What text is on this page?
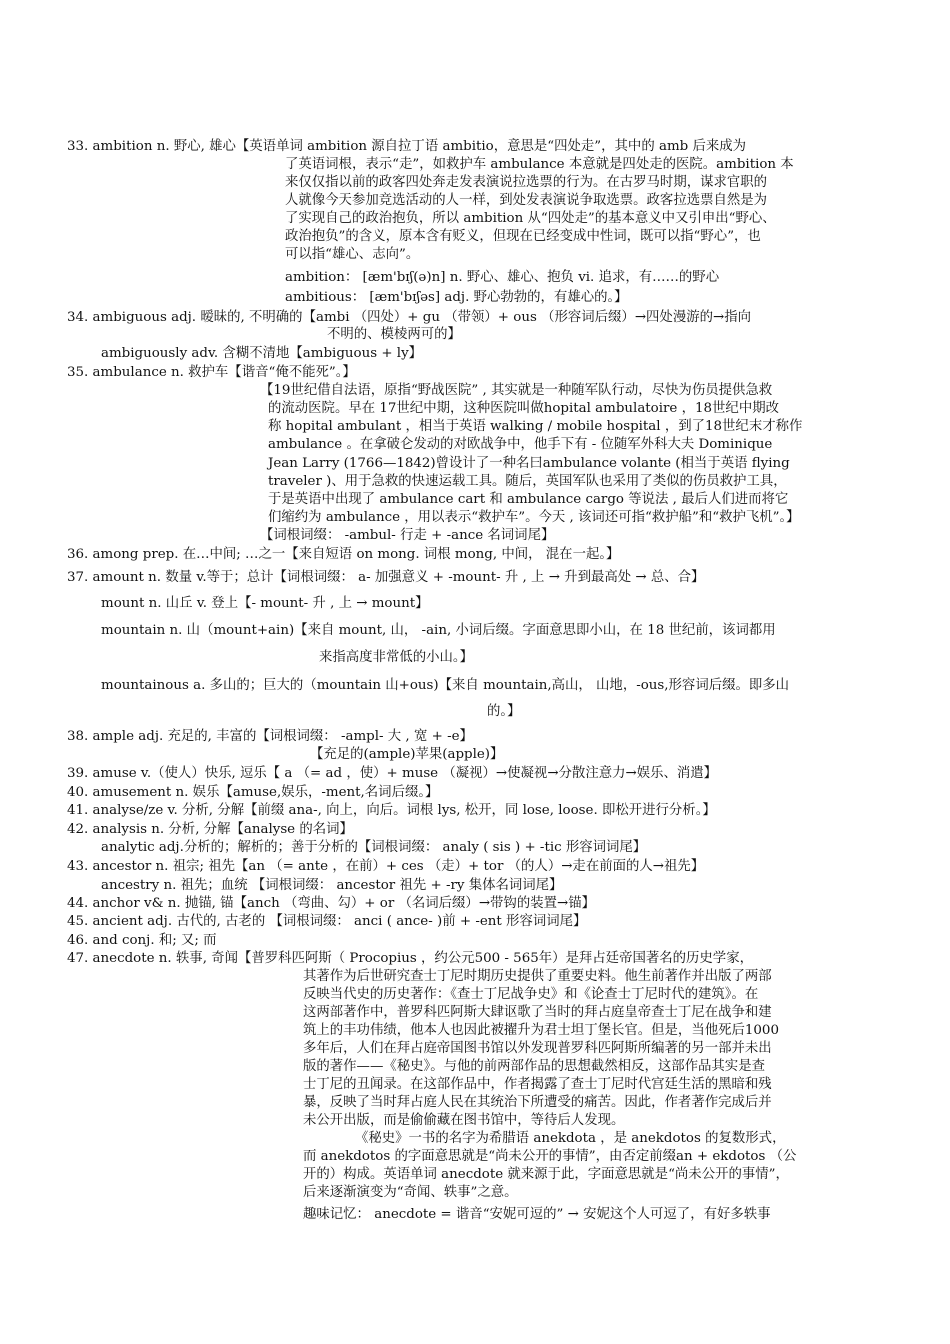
33. ambition n. 野心, 雄心【英语单词 ambition 源自拉丁语 ambitio，意思是“四处走”，其中的 amb 后来成为
了英语词根，表示“走”，如救护车 ambulance 本意就是四处走的医院。ambition 本
来仅仅指以前的政客四处奔走发表演说拉选票的行为。在古罗马时期，谋求官职的
人就像今天参加竞选活动的人一样，到处发表演说争取选票。政客拉选票自然是为
了实现自己的政治抱负，所以 ambition 从“四处走”的基本意义中又引申出“野心、
政治抱负”的含义，原本含有贬义，但现在已经变成中性词，既可以指“野心”，也
可以指“雄心、志向”。
ambition： [æm'bɪʃ(ə)n] n. 野心、雄心、抱负 vi. 追求，有……的野心
ambitious： [æm'bɪʃəs] adj. 野心勃勃的，有雄心的。】
34. ambiguous adj. 暧昧的, 不明确的【ambi （四处）+ gu （带领）+ ous （形容词后缀）→四处漫游的→指向
不明的、模棱两可的】
ambiguously adv. 含糊不清地【ambiguous + ly】
35. ambulance n. 救护车【谐音“俺不能死”。】
【19世纪借自法语，原指“野战医院” , 其实就是一种随军队行动，尽快为伤员提供急救
的流动医院。早在 17世纪中期，这种医院叫做hopital ambulatoire ，18世纪中期改
称 hopital ambulant ，相当于英语 walking / mobile hospital ，到了18世纪末才称作
ambulance 。在拿破仑发动的对欧战争中，他手下有 - 位随军外科大夫 Dominique
Jean Larry (1766—1842)曾设计了一种名曰ambulance volante (相当于英语 flying
traveler )、用于急救的快速运载工具。随后，英国军队也采用了类似的伤员救护工具，
于是英语中出现了 ambulance cart 和 ambulance cargo 等说法 , 最后人们进而将它
们缩约为 ambulance ，用以表示“救护车”。今天 , 该词还可指“救护船”和“救护飞机”。】
【词根词缀： -ambul- 行走 + -ance 名词词尾】
36. among prep. 在…中间; …之一【来自短语 on mong. 词根 mong, 中间， 混在一起。】
37. amount n. 数量 v.等于；总计【词根词缀： a- 加强意义 + -mount- 升 , 上 → 升到最高处 → 总、合】
mount n. 山丘 v. 登上【- mount- 升 , 上 → mount】
mountain n. 山（mount+ain)【来自 mount, 山， -ain, 小词后缀。字面意思即小山，在 18 世纪前，该词都用
来指高度非常低的小山。】
mountainous a. 多山的；巨大的（mountain 山+ous)【来自 mountain,高山， 山地，-ous,形容词后缀。即多山
的。】
38. ample adj. 充足的, 丰富的【词根词缀： -ampl- 大 , 宽 + -e】
【充足的(ample)苹果(apple)】
39. amuse v.（使人）快乐, 逗乐【 a （= ad ，使）+ muse （凝视）→使凝视→分散注意力→娱乐、消遣】
40. amusement n. 娱乐【amuse,娱乐，-ment,名词后缀。】
41. analyse/ze v. 分析, 分解【前缀 ana-, 向上，向后。词根 lys, 松开，同 lose, loose. 即松开进行分析。】
42. analysis n. 分析, 分解【analyse 的名词】
analytic adj.分析的；解析的；善于分析的【词根词缀： analy ( sis ) + -tic 形容词词尾】
43. ancestor n. 祖宗; 祖先【an （= ante ，在前）+ ces （走）+ tor （的人）→走在前面的人→祖先】
ancestry n. 祖先；血统 【词根词缀： ancestor 祖先 + -ry 集体名词词尾】
44. anchor v& n. 抛锚, 锚【anch （弯曲、勾）+ or （名词后缀）→带钩的装置→锚】
45. ancient adj. 古代的, 古老的 【词根词缀： anci ( ance- )前 + -ent 形容词词尾】
46. and conj. 和; 又; 而
47. anecdote n. 轶事, 奇闻【普罗科匹阿斯（ Procopius ，约公元500 - 565年）是拜占廷帝国著名的历史学家，
其著作为后世研究查士丁尼时期历史提供了重要史料。他生前著作并出版了两部
反映当代史的历史著作：《查士丁尼战争史》和《论查士丁尼时代的建筑》。在
这两部著作中，普罗科匹阿斯大肆讴歌了当时的拜占庭皇帝查士丁尼在战争和建
筑上的丰功伟绩，他本人也因此被擢升为君士坦丁堡长官。但是，当他死后1000
多年后，人们在拜占庭帝国图书馆以外发现普罗科匹阿斯所编著的另一部并未出
版的著作——《秘史》。与他的前两部作品的思想截然相反，这部作品其实是查
士丁尼的丑闻录。在这部作品中，作者揭露了查士丁尼时代宫廷生活的黑暗和残
暴，反映了当时拜占庭人民在其统治下所遭受的痛苦。因此，作者著作完成后并
未公开出版，而是偷偷藏在图书馆中，等待后人发现。
《秘史》一书的名字为希腊语 anekdota ，是 anekdotos 的复数形式，
而 anekdotos 的字面意思就是“尚未公开的事情”，由否定前缀an + ekdotos （公
开的）构成。英语单词 anecdote 就来源于此，字面意思就是“尚未公开的事情”，
后来逐渐演变为“奇闻、轶事”之意。
趣味记忆： anecdote = 谐音“安妮可逗的” → 安妮这个人可逗了，有好多轶事
